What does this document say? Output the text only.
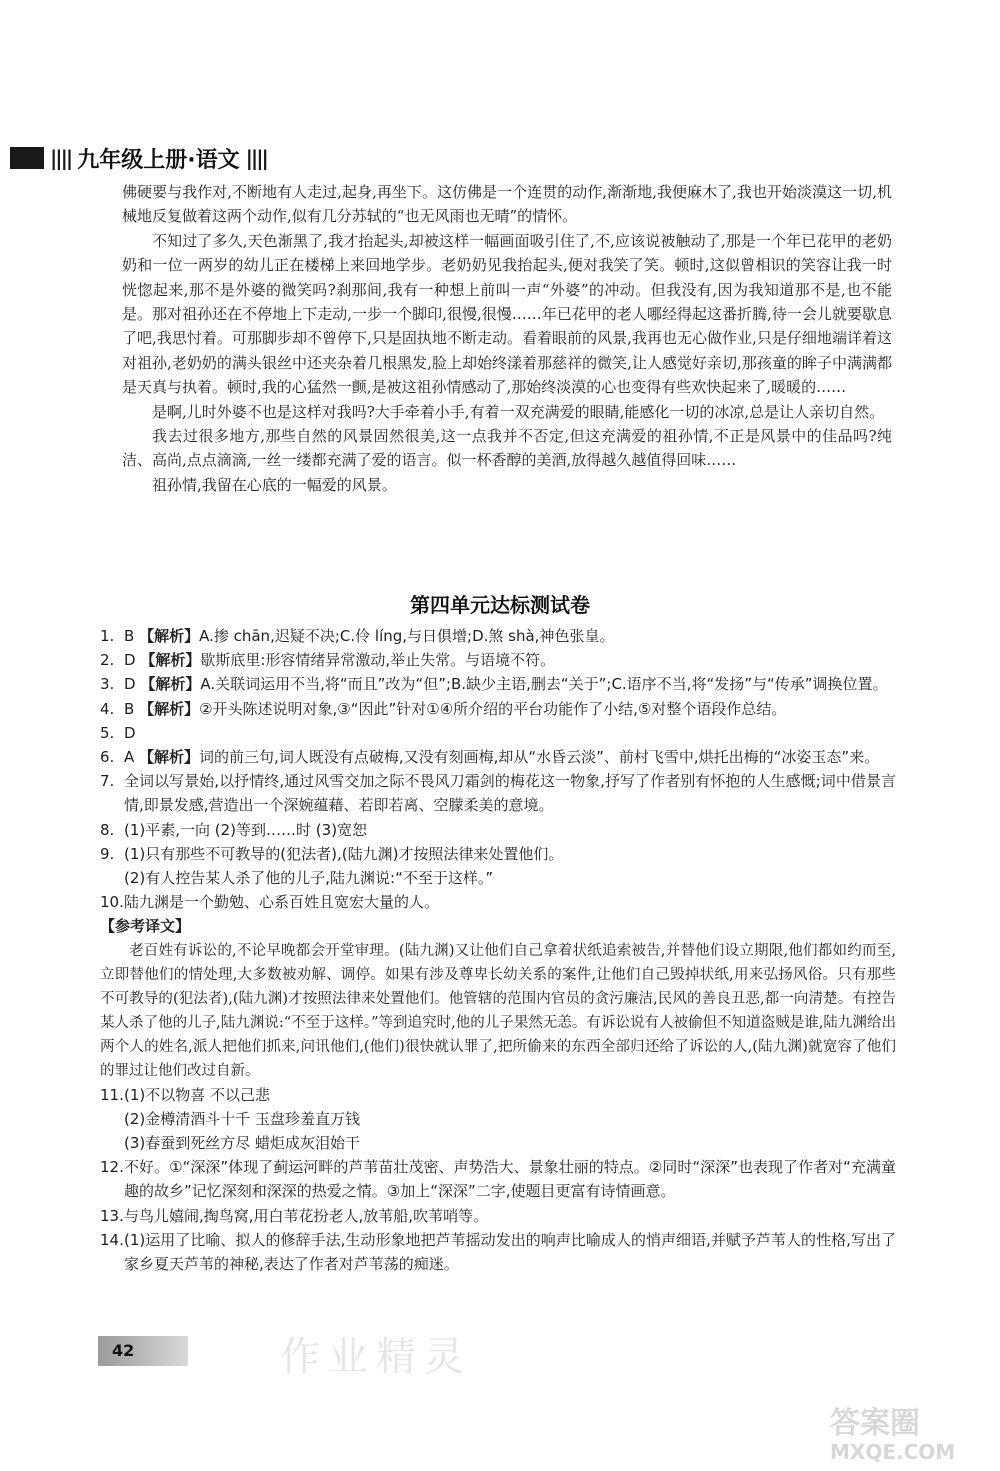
|||| 九年级上册·语文 ||||

佛硬要与我作对,不断地有人走过,起身,再坐下。这仿佛是一个连贯的动作,渐渐地,我便麻木了,我也开始淡漠这一切,机械地反复做着这两个动作,似有几分苏轼的“也无风雨也无晴”的情怀。

不知过了多久,天色渐黑了,我才抬起头,却被这样一幅画面吸引住了,不,应该说被触动了,那是一个年已花甲的老奶奶和一位一两岁的幼儿正在楼梯上来回地学步。老奶奶见我抬起头,便对我笑了笑。顿时,这似曾相识的笑容让我一时恍惚起来,那不是外婆的微笑吗?刹那间,我有一种想上前叫一声“外婆”的冲动。但我没有,因为我知道那不是,也不能是。那对祖孙还在不停地上下走动,一步一个脚印,很慢,很慢……年已花甲的老人哪经得起这番折腾,待一会儿就要歇息了吧,我思忖着。可那脚步却不曾停下,只是固执地不断走动。看着眼前的风景,我再也无心做作业,只是仔细地端详着这对祖孙,老奶奶的满头银丝中还夹杂着几根黑发,脸上却始终漾着那慈祥的微笑,让人感觉好亲切,那孩童的眸子中满满都是天真与执着。顿时,我的心猛然一颤,是被这祖孙情感动了,那始终淡漠的心也变得有些欢快起来了,暖暖的……

是啊,儿时外婆不也是这样对我吗?大手牵着小手,有着一双充满爱的眼睛,能感化一切的冰凉,总是让人亲切自然。

我去过很多地方,那些自然的风景固然很美,这一点我并不否定,但这充满爱的祖孙情,不正是风景中的佳品吗?纯洁、高尚,点点滴滴,一丝一缕都充满了爱的语言。似一杯香醇的美酒,放得越久越值得回味……

祖孙情,我留在心底的一幅爱的风景。

第四单元达标测试卷
1. B 【解析】A.掺 chān,迟疑不决;C.伶 líng,与日俱增;D.煞 shà,神色张皇。
2. D 【解析】歇斯底里:形容情绪异常激动,举止失常。与语境不符。
3. D 【解析】A.关联词运用不当,将“而且”改为“但”;B.缺少主语,删去“关于”;C.语序不当,将“发扬”与“传承”调换位置。
4. B 【解析】②开头陈述说明对象,③“因此”针对①④所介绍的平台功能作了小结,⑤对整个语段作总结。
5. D
6. A 【解析】词的前三句,词人既没有点破梅,又没有刻画梅,却从“水昏云淡”、前村飞雪中,烘托出梅的“冰姿玉态”来。
7. 全词以写景始,以抒情终,通过风雪交加之际不畏风刀霜剑的梅花这一物象,抒写了作者别有怀抱的人生感慨;词中借景言情,即景发感,营造出一个深婉蕴藉、若即若离、空朦柔美的意境。
8. (1)平素,一向 (2)等到……时 (3)宽恕
9. (1)只有那些不可教导的(犯法者),(陆九渊)才按照法律来处置他们。
(2)有人控告某人杀了他的儿子,陆九渊说:“不至于这样。”
10. 陆九渊是一个勤勉、心系百姓且宽宏大量的人。
【参考译文】

老百姓有诉讼的,不论早晚都会开堂审理。(陆九渊)又让他们自己拿着状纸追索被告,并替他们设立期限,他们都如约而至,立即替他们的情处理,大多数被劝解、调停。如果有涉及尊卑长幼关系的案件,让他们自己毁掉状纸,用来弘扬风俗。只有那些不可教导的(犯法者),(陆九渊)才按照法律来处置他们。他管辖的范围内官员的贪污廉洁,民风的善良丑恶,都一向清楚。有控告某人杀了他的儿子,陆九渊说:“不至于这样。”等到追究时,他的儿子果然无恙。有诉讼说有人被偷但不知道盗贼是谁,陆九渊给出两个人的姓名,派人把他们抓来,问讯他们,(他们)很快就认罪了,把所偷来的东西全部归还给了诉讼的人,(陆九渊)就宽容了他们的罪过让他们改过自新。

11. (1)不以物喜 不以己悲
(2)金樽清酒斗十千 玉盘珍羞直万钱
(3)春蚕到死丝方尽 蜡炬成灰泪始干
12. 不好。①“深深”体现了蓟运河畔的芦苇苗壮茂密、声势浩大、景象壮丽的特点。②同时“深深”也表现了作者对“充满童趣的故乡”记忆深刻和深深的热爱之情。③加上“深深”二字,使题目更富有诗情画意。
13. 与鸟儿嬉闹,掏鸟窝,用白苇花扮老人,放苇船,吹苇哨等。
14. (1)运用了比喻、拟人的修辞手法,生动形象地把芦苇摇动发出的响声比喻成人的悄声细语,并赋予芦苇人的性格,写出了家乡夏天芦苇的神秘,表达了作者对芦苇荡的痴迷。
42	作业精灵
答案圈
MXQE.COM
